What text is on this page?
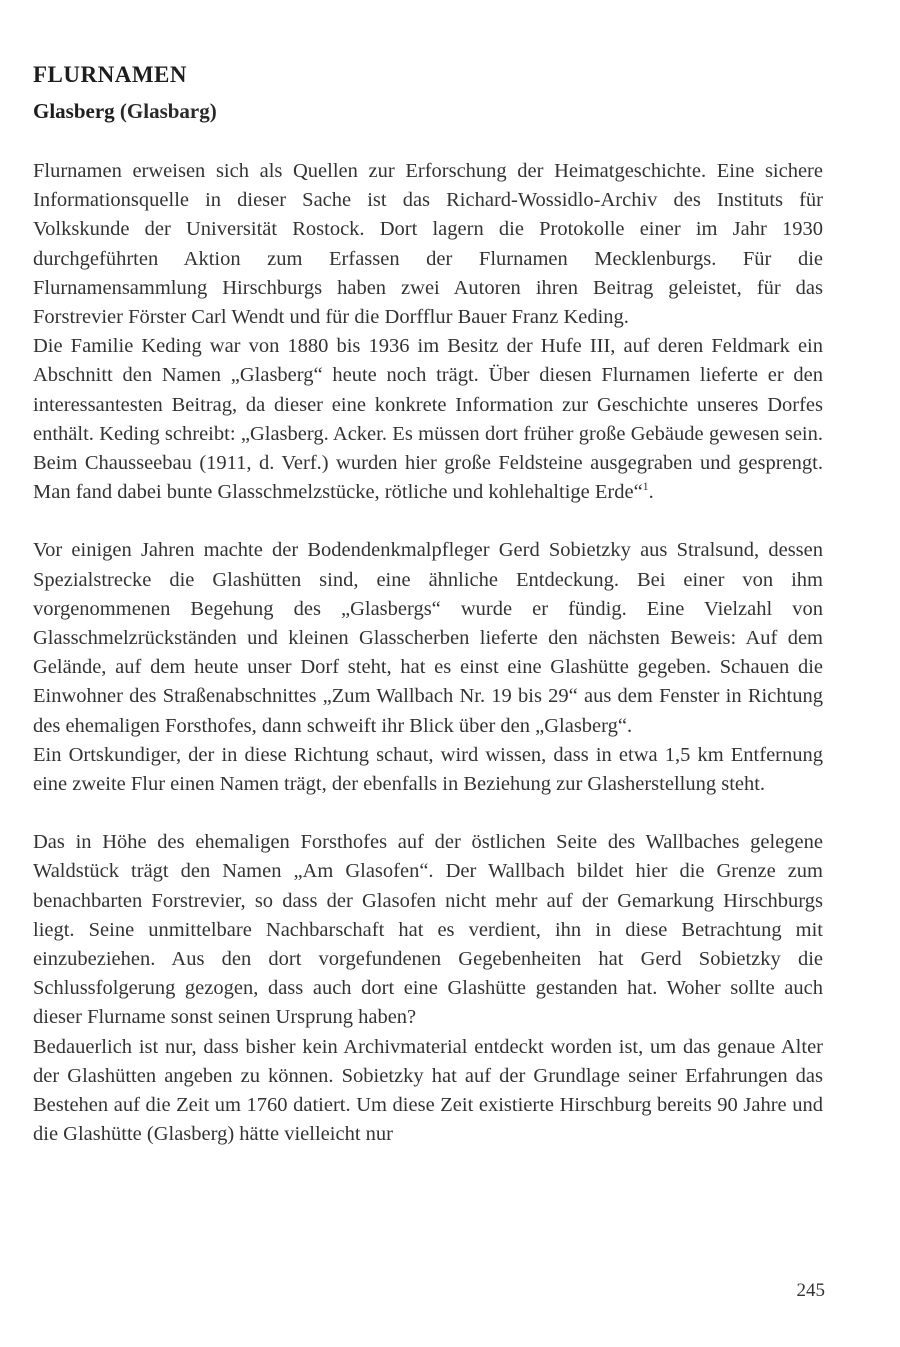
FLURNAMEN
Glasberg (Glasbarg)

Flurnamen erweisen sich als Quellen zur Erforschung der Heimatgeschichte. Eine sichere Informationsquelle in dieser Sache ist das Richard-Wossidlo-Archiv des Instituts für Volkskunde der Universität Rostock. Dort lagern die Protokolle einer im Jahr 1930 durchgeführten Aktion zum Erfassen der Flurnamen Mecklenburgs. Für die Flurnamensammlung Hirschburgs haben zwei Autoren ihren Beitrag geleistet, für das Forstrevier Förster Carl Wendt und für die Dorfflur Bauer Franz Keding.

Die Familie Keding war von 1880 bis 1936 im Besitz der Hufe III, auf deren Feldmark ein Abschnitt den Namen „Glasberg“ heute noch trägt. Über diesen Flurnamen lieferte er den interessantesten Beitrag, da dieser eine konkrete Information zur Geschichte unseres Dorfes enthält. Keding schreibt: „Glasberg. Acker. Es müssen dort früher große Gebäude gewesen sein. Beim Chausseebau (1911, d. Verf.) wurden hier große Feldsteine ausgegraben und gesprengt. Man fand dabei bunte Glasschmelzstücke, rötliche und kohlehaltige Erde“$^1$.

Vor einigen Jahren machte der Bodendenkmalpfleger Gerd Sobietzky aus Stralsund, dessen Spezialstrecke die Glashütten sind, eine ähnliche Entdeckung. Bei einer von ihm vorgenommenen Begehung des „Glasbergs“ wurde er fündig. Eine Vielzahl von Glasschmelzrückständen und kleinen Glasscherben lieferte den nächsten Beweis: Auf dem Gelände, auf dem heute unser Dorf steht, hat es einst eine Glashütte gegeben. Schauen die Einwohner des Straßenabschnittes „Zum Wallbach Nr. 19 bis 29“ aus dem Fenster in Richtung des ehemaligen Forsthofes, dann schweift ihr Blick über den „Glasberg“.

Ein Ortskundiger, der in diese Richtung schaut, wird wissen, dass in etwa 1,5 km Entfernung eine zweite Flur einen Namen trägt, der ebenfalls in Beziehung zur Glasherstellung steht.

Das in Höhe des ehemaligen Forsthofes auf der östlichen Seite des Wallbaches gelegene Waldstück trägt den Namen „Am Glasofen“. Der Wallbach bildet hier die Grenze zum benachbarten Forstrevier, so dass der Glasofen nicht mehr auf der Gemarkung Hirschburgs liegt. Seine unmittelbare Nachbarschaft hat es verdient, ihn in diese Betrachtung mit einzubeziehen. Aus den dort vorgefundenen Gegebenheiten hat Gerd Sobietzky die Schlussfolgerung gezogen, dass auch dort eine Glashütte gestanden hat. Woher sollte auch dieser Flurname sonst seinen Ursprung haben?

Bedauerlich ist nur, dass bisher kein Archivmaterial entdeckt worden ist, um das genaue Alter der Glashütten angeben zu können. Sobietzky hat auf der Grundlage seiner Erfahrungen das Bestehen auf die Zeit um 1760 datiert. Um diese Zeit existierte Hirschburg bereits 90 Jahre und die Glashütte (Glasberg) hätte vielleicht nur

245
